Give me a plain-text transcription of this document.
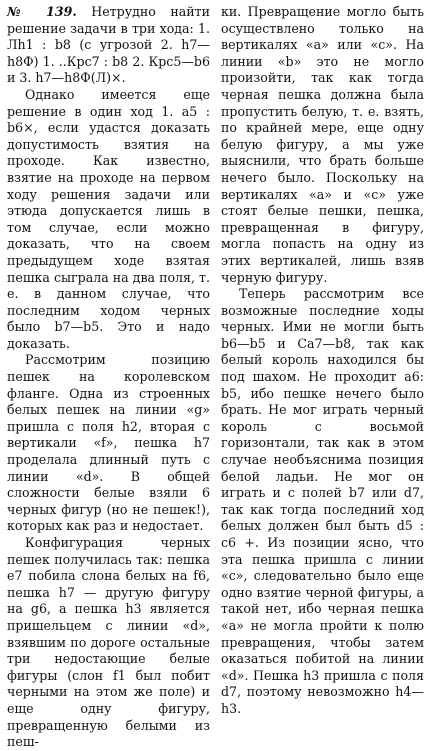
№ 139. Нетрудно найти решение задачи в три хода: 1. Лh1 : b8 (с угрозой 2. h7—h8Ф) 1. ..Крс7 : b8 2. Крс5—b6 и 3. h7—h8Ф(Л)×.

Однако имеется еще решение в один ход 1. a5 : b6×, если удастся доказать допустимость взятия на проходе. Как известно, взятие на проходе на первом ходу решения задачи или этюда допускается лишь в том случае, если можно доказать, что на своем предыдущем ходе взятая пешка сыграла на два поля, т. е. в данном случае, что последним ходом черных было b7—b5. Это и надо доказать.

Рассмотрим позицию пешек на королевском фланге. Одна из строенных белых пешек на линии «g» пришла с поля h2, вторая с вертикали «f», пешка h7 проделала длинный путь с линии «d». В общей сложности белые взяли 6 черных фигур (но не пешек!), которых как раз и недостает.

Конфигурация черных пешек получилась так: пешка e7 побила слона белых на f6, пешка h7 — другую фигуру на g6, а пешка h3 является пришельцем с линии «d», взявшим по дороге остальные три недостающие белые фигуры (слон f1 был побит черными на этом же поле) и еще одну фигуру, превращенную белыми из пеш-

ки. Превращение могло быть осуществлено только на вертикалях «a» или «c». На линии «b» это не могло произойти, так как тогда черная пешка должна была пропустить белую, т. е. взять, по крайней мере, еще одну белую фигуру, а мы уже выяснили, что брать больше нечего было. Поскольку на вертикалях «a» и «c» уже стоят белые пешки, пешка, превращенная в фигуру, могла попасть на одну из этих вертикалей, лишь взяв черную фигуру.

Теперь рассмотрим все возможные последние ходы черных. Ими не могли быть b6—b5 и Ca7—b8, так как белый король находился бы под шахом. Не проходит a6: b5, ибо пешке нечего было брать. Не мог играть черный король с восьмой горизонтали, так как в этом случае необъяснима позиция белой ладьи. Не мог он играть и с полей b7 или d7, так как тогда последний ход белых должен был быть d5 : c6 +. Из позиции ясно, что эта пешка пришла с линии «c», следовательно было еще одно взятие черной фигуры, а такой нет, ибо черная пешка «a» не могла пройти к полю превращения, чтобы затем оказаться побитой на линии «d». Пешка h3 пришла с поля d7, поэтому невозможно h4—h3.
